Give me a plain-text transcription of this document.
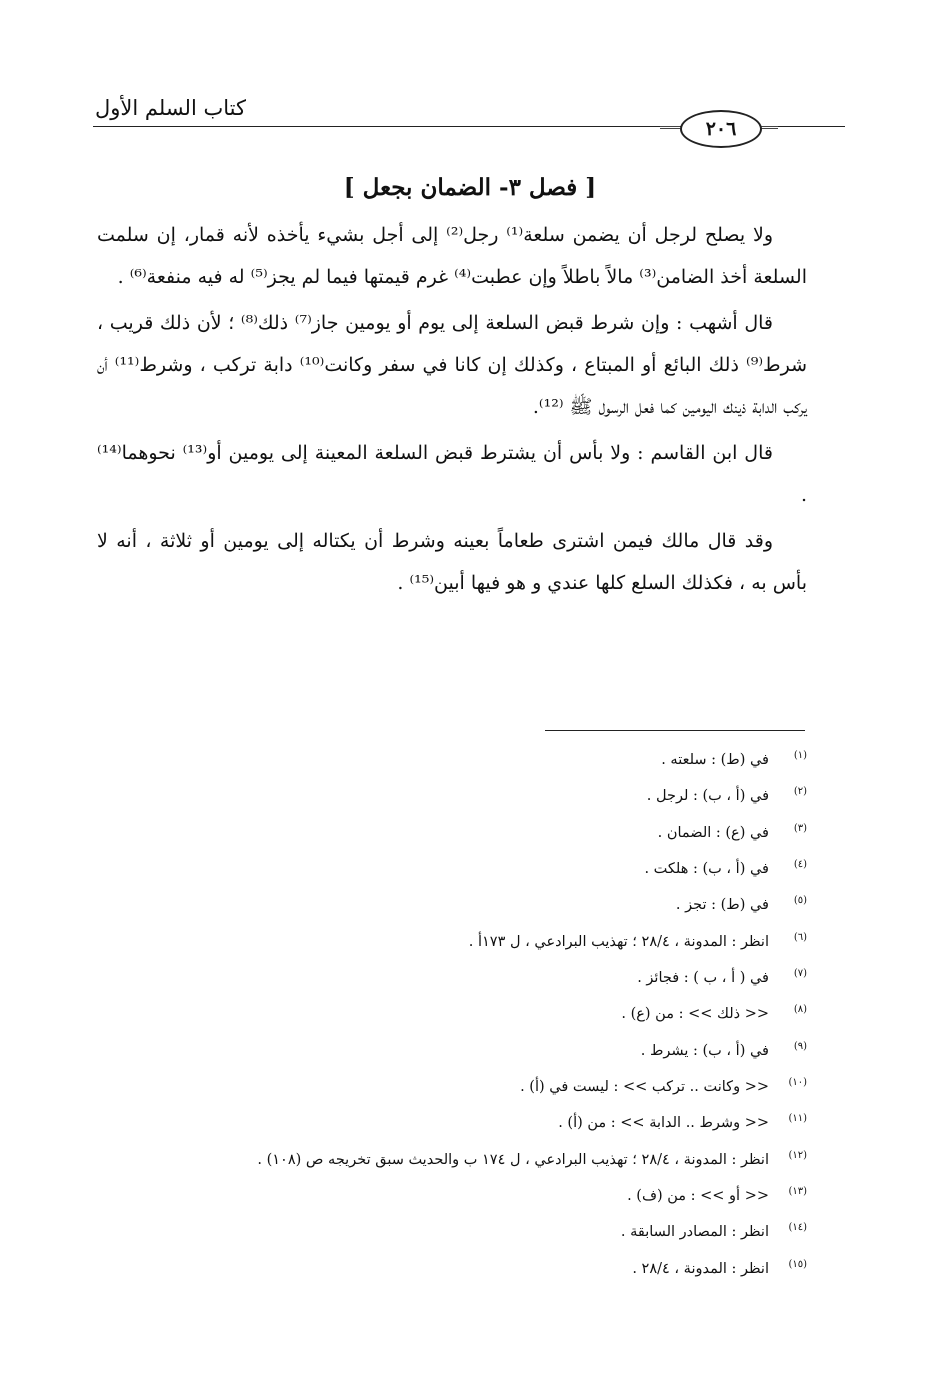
كتاب السلم الأول
٢٠٦
[ فصل ٣- الضمان بجعل ]

ولا يصلح لرجل أن يضمن سلعة⁽¹⁾ رجل⁽²⁾ إلى أجل بشيء يأخذه لأنه قمار، إن سلمت السلعة أخذ الضامن⁽³⁾ مالاً باطلاً وإن عطبت⁽⁴⁾ غرم قيمتها فيما لم يجز⁽⁵⁾ له فيه منفعة⁽⁶⁾ .

قال أشهب : وإن شرط قبض السلعة إلى يوم أو يومين جاز⁽⁷⁾ ذلك⁽⁸⁾ ؛ لأن ذلك قريب ، شرط⁽⁹⁾ ذلك البائع أو المبتاع ، وكذلك إن كانا في سفر وكانت⁽¹⁰⁾ دابة تركب ، وشرط⁽¹¹⁾ أن يركب الدابة ذينك اليومين كما فعل الرسول ﷺ ⁽¹²⁾.

قال ابن القاسم : ولا بأس أن يشترط قبض السلعة المعينة إلى يومين أو⁽¹³⁾ نحوهما⁽¹⁴⁾ .

وقد قال مالك فيمن اشترى طعاماً بعينه وشرط أن يكتاله إلى يومين أو ثلاثة ، أنه لا بأس به ، فكذلك السلع كلها عندي و هو فيها أبين⁽¹⁵⁾ .

(١)في (ط) : سلعته .
(٢)في (أ ، ب) : لرجل .
(٣)في (ع) : الضمان .
(٤)في (أ ، ب) : هلكت .
(٥)في (ط) : تجز .
(٦)انظر : المدونة ، ٢٨/٤ ؛ تهذيب البرادعي ، ل ١٧٣أ .
(٧)في ( أ ، ب ) : فجائز .
(٨)<< ذلك >> : من (ع) .
(٩)في (أ ، ب) : يشرط .
(١٠)<< وكانت .. تركب >> : ليست في (أ) .
(١١)<< وشرط .. الدابة >> : من (أ) .
(١٢)انظر : المدونة ، ٢٨/٤ ؛ تهذيب البرادعي ، ل ١٧٤ ب والحديث سبق تخريجه ص (١٠٨) .
(١٣)<< أو >> : من (ف) .
(١٤)انظر : المصادر السابقة .
(١٥)انظر : المدونة ، ٢٨/٤ .
